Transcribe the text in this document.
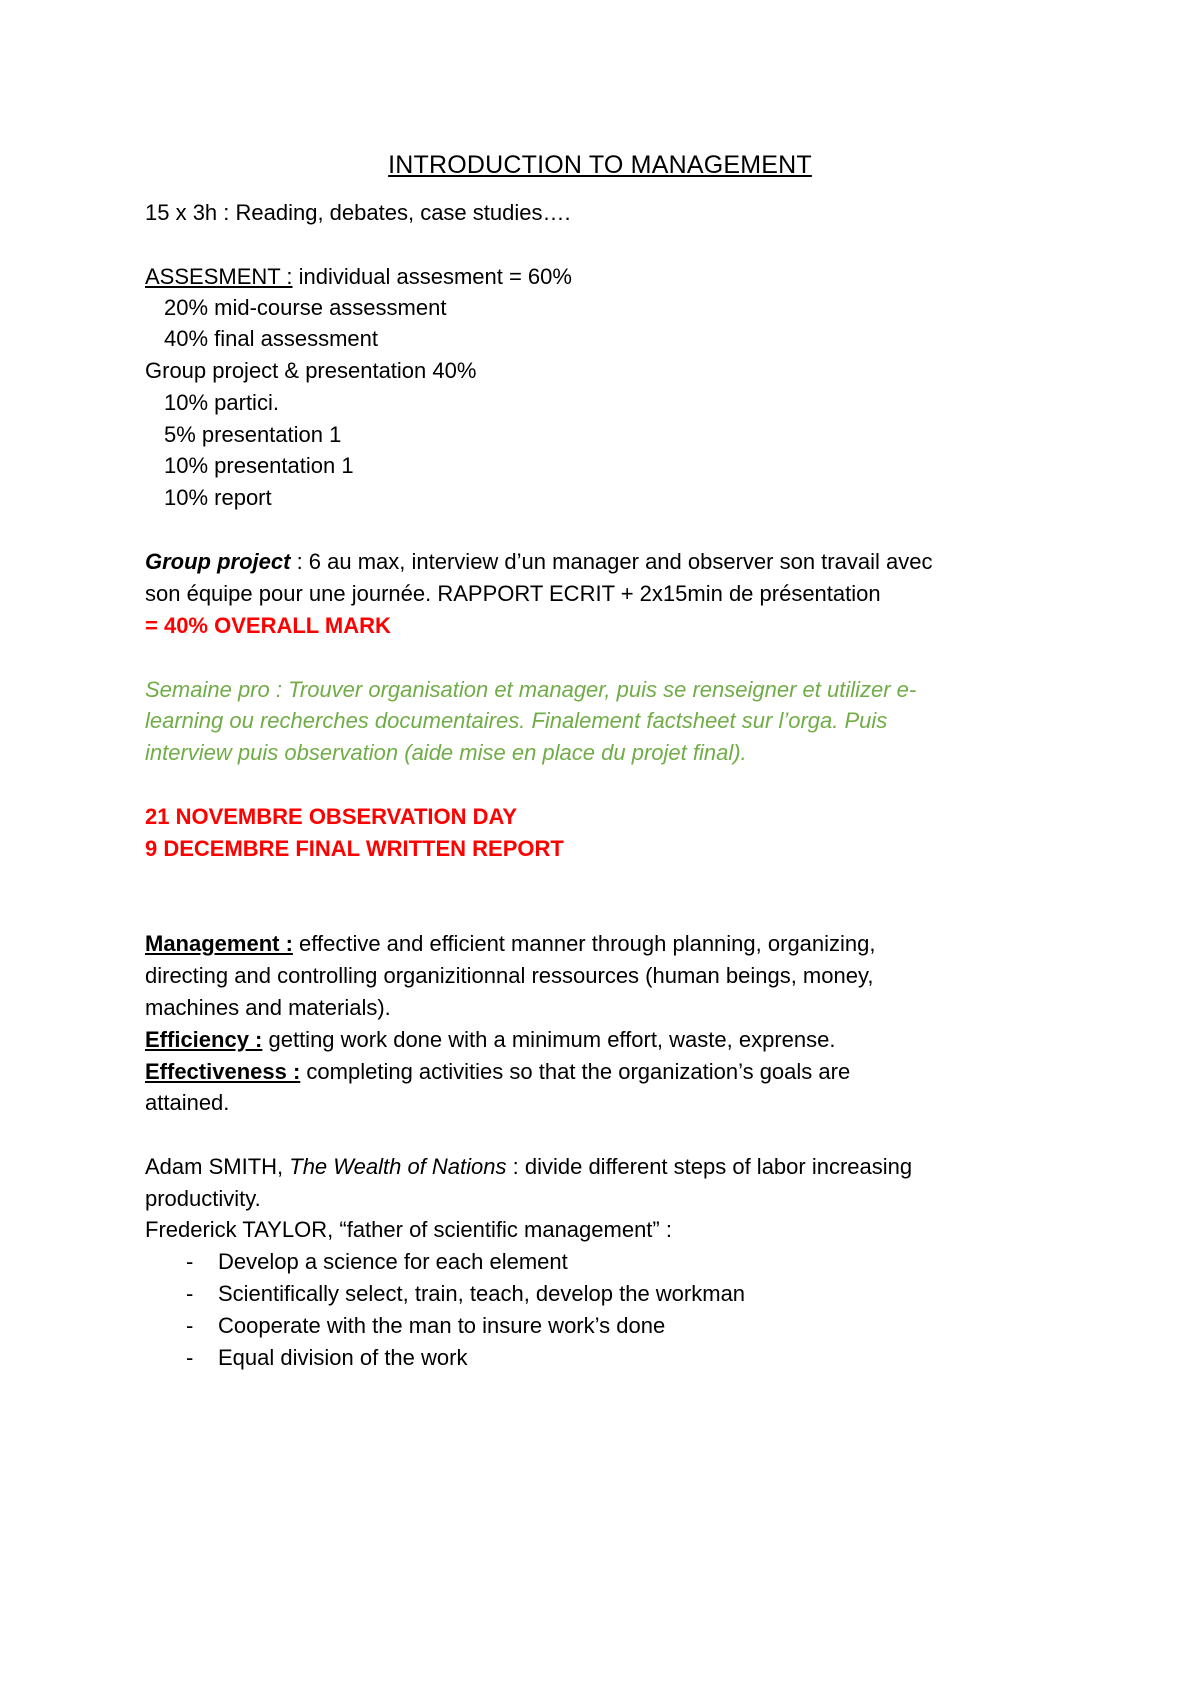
INTRODUCTION TO MANAGEMENT
15 x 3h : Reading, debates, case studies….
ASSESMENT : individual assesment = 60%
20% mid-course assessment
40% final assessment
Group project & presentation 40%
10% partici.
5% presentation 1
10% presentation 1
10% report
Group project : 6 au max, interview d’un manager and observer son travail avec
son équipe pour une journée. RAPPORT ECRIT + 2x15min de présentation
= 40% OVERALL MARK
Semaine pro : Trouver organisation et manager, puis se renseigner et utilizer e-
learning ou recherches documentaires. Finalement factsheet sur l’orga. Puis
interview puis observation (aide mise en place du projet final).
21 NOVEMBRE OBSERVATION DAY
9 DECEMBRE FINAL WRITTEN REPORT
Management : effective and efficient manner through planning, organizing,
directing and controlling organizitionnal ressources (human beings, money,
machines and materials).
Efficiency : getting work done with a minimum effort, waste, exprense.
Effectiveness : completing activities so that the organization’s goals are
attained.
Adam SMITH, The Wealth of Nations : divide different steps of labor increasing
productivity.
Frederick TAYLOR, “father of scientific management” :
- Develop a science for each element
- Scientifically select, train, teach, develop the workman
- Cooperate with the man to insure work’s done
- Equal division of the work
